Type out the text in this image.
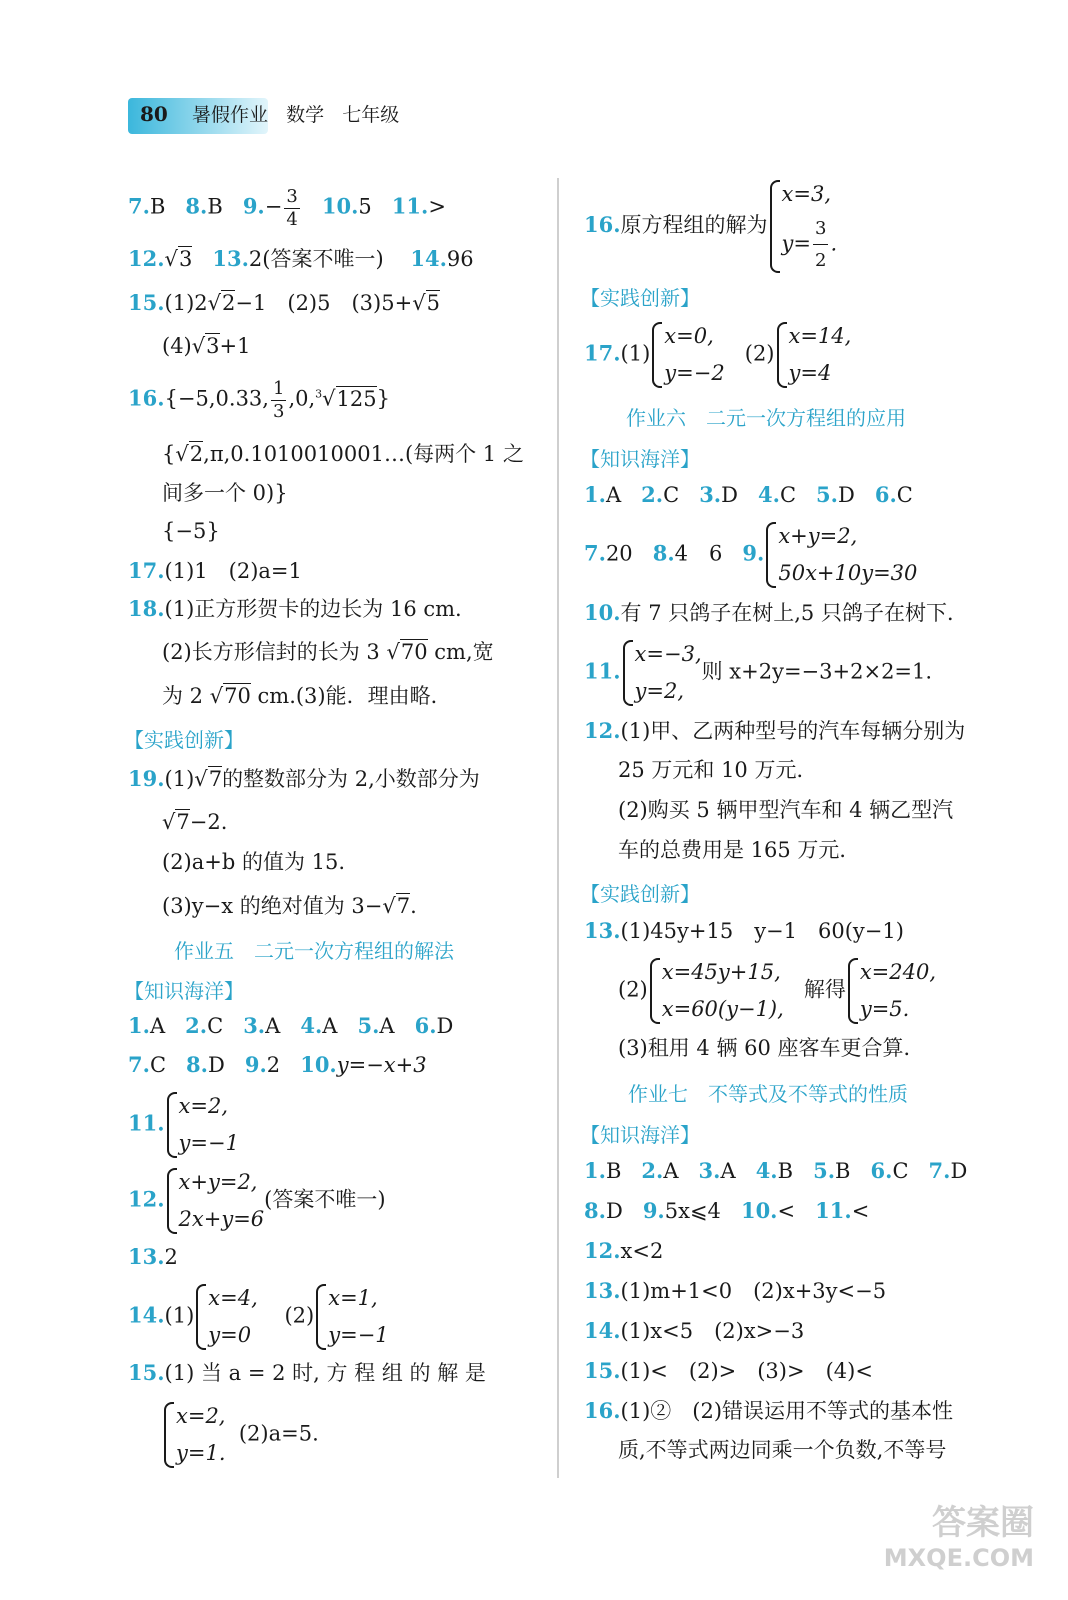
80 暑假作业 数学 七年级
7.B 8.B $9.- \frac{3}{4} 10.5$ 11.>
12.√3 13.2(答案不唯一) 14.96
15.(1)2√2−1　(2)5　(3)5+√5
(4)√3+1
16.{−5,0.33, $\frac{1}{3} ,0,^3√125$}
{√2,π,0.1010010001…(每两个 1 之
间多一个 0)}
{−5}
17.(1)1　(2)a=1
18.(1)正方形贺卡的边长为 16 cm.
(2)长方形信封的长为 3 √70 cm,宽
为 2 √70 cm.(3)能．理由略．
【实践创新】
19.(1)√7的整数部分为 2,小数部分为
√7−2.
(2)a+b 的值为 15.
(3)y−x 的绝对值为 3−√7.
作业五　二元一次方程组的解法
【知识海洋】
1.A 2.C 3.A 4.A 5.A 6.D
7.C 8.D 9.2 10.y=−x+3
11.
x=2,
y=−1
12.
x+y=2,
2x+y=6
(答案不唯一)
13.2
14.(1)
x=4,
y=0
(2)
x=1,
y=−1
15.(1) 当 a = 2 时, 方 程 组 的 解 是
x=2,
y=1.
(2)a=5.
16.原方程组的解为
x=3,
$y= \frac{3}{2}$ .
【实践创新】
17.(1)
x=0,
y=−2
(2)
x=14,
y=4
作业六　二元一次方程组的应用
【知识海洋】
1.A 2.C 3.D 4.C 5.D 6.C
7.20 8.4　6 9.
x+y=2,
50x+10y=30
10.有 7 只鸽子在树上,5 只鸽子在树下．
11.
x=−3,
y=2,
则 x+2y=−3+2×2=1.
12.(1)甲、乙两种型号的汽车每辆分别为
25 万元和 10 万元．
(2)购买 5 辆甲型汽车和 4 辆乙型汽
车的总费用是 165 万元．
【实践创新】
13.(1)45y+15　y−1　60(y−1)
(2)
x=45y+15,
x=60(y−1),
解得
x=240,
y=5.
(3)租用 4 辆 60 座客车更合算．
作业七　不等式及不等式的性质
【知识海洋】
1.B 2.A 3.A 4.B 5.B 6.C 7.D
8.D 9.5x⩽4 10.< 11.<
12.x<2
13.(1)m+1<0　(2)x+3y<−5
14.(1)x<5　(2)x>−3
15.(1)<　(2)>　(3)>　(4)<
16.(1)②　(2)错误运用不等式的基本性
质,不等式两边同乘一个负数,不等号
答案圈
MXQE.COM
